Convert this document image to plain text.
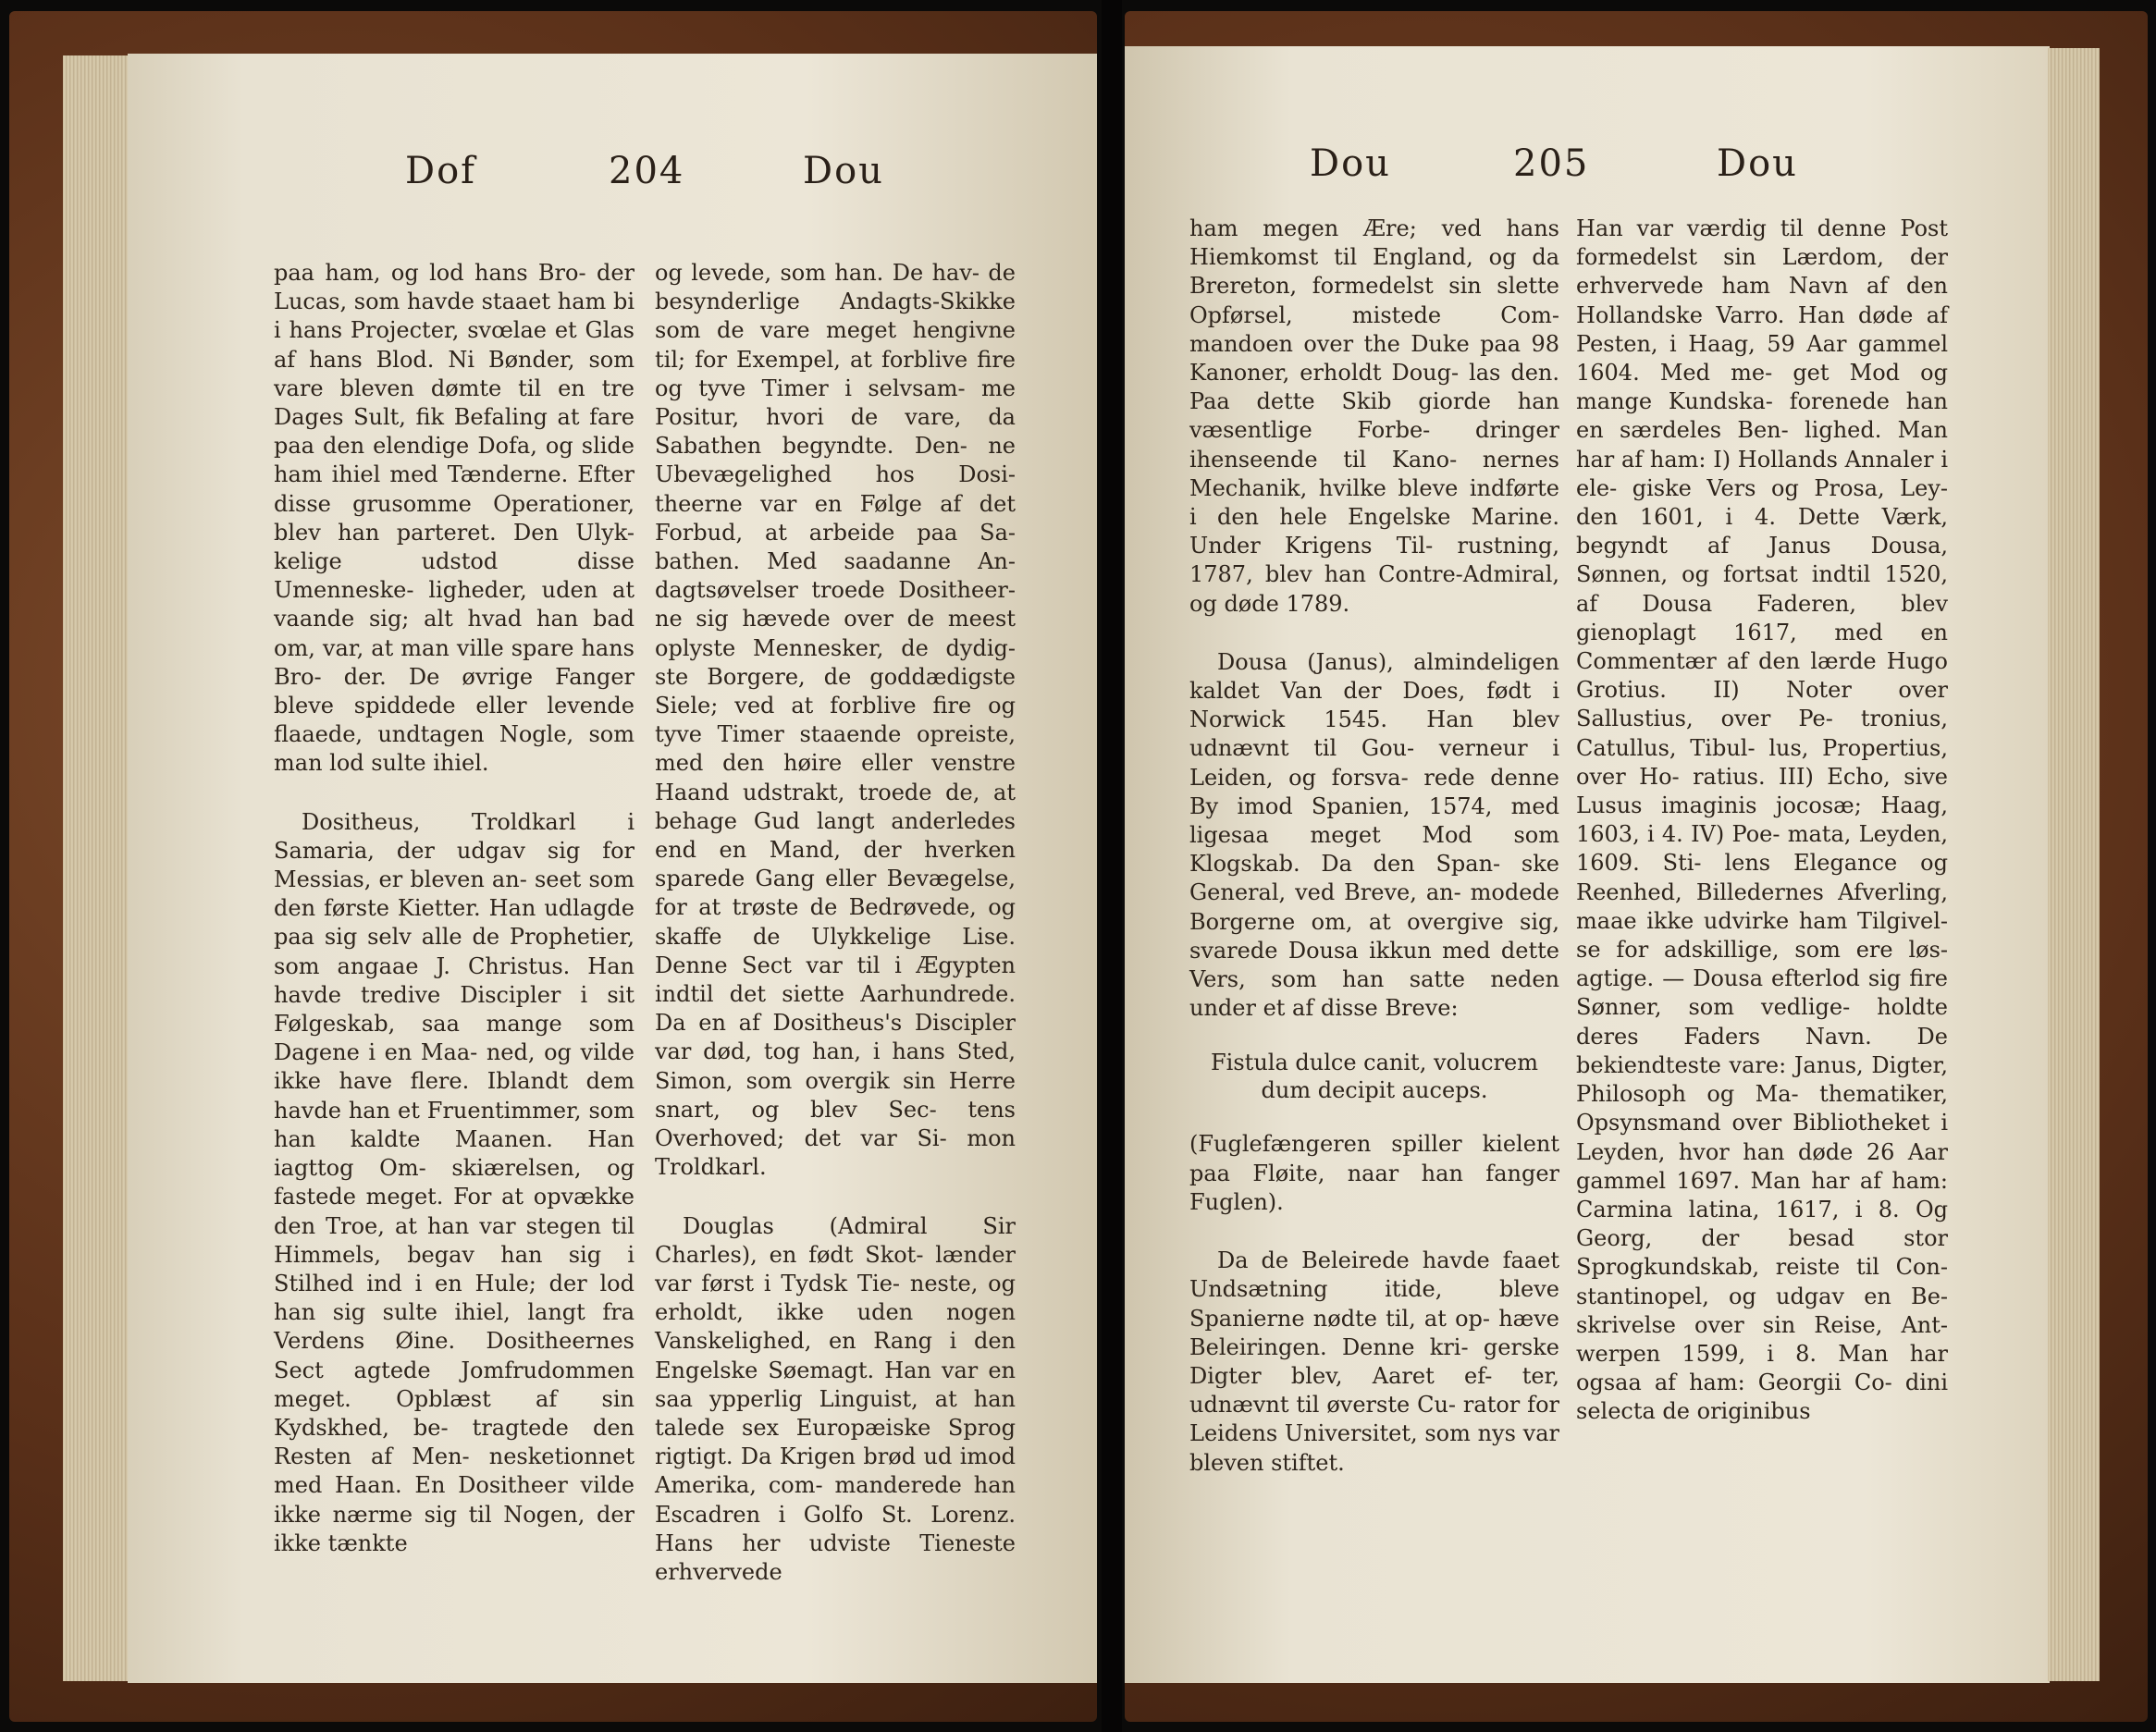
Dof	204	Dou

paa ham, og lod hans Bro- der Lucas, som havde staaet ham bi i hans Projecter, svœlae et Glas af hans Blod. Ni Bønder, som vare bleven dømte til en tre Dages Sult, fik Befaling at fare paa den elendige Dofa, og slide ham ihiel med Tænderne. Efter disse grusomme Operationer, blev han parteret. Den Ulyk- kelige udstod disse Umenneske- ligheder, uden at vaande sig; alt hvad han bad om, var, at man ville spare hans Bro- der. De øvrige Fanger bleve spiddede eller levende flaaede, undtagen Nogle, som man lod sulte ihiel.

Dositheus, Troldkarl i Samaria, der udgav sig for Messias, er bleven an- seet som den første Kietter. Han udlagde paa sig selv alle de Prophetier, som angaae J. Christus. Han havde tredive Discipler i sit Følgeskab, saa mange som Dagene i en Maa- ned, og vilde ikke have flere. Iblandt dem havde han et Fruentimmer, som han kaldte Maanen. Han iagttog Om- skiærelsen, og fastede meget. For at opvække den Troe, at han var stegen til Himmels, begav han sig i Stilhed ind i en Hule; der lod han sig sulte ihiel, langt fra Verdens Øine. Dositheernes Sect agtede Jomfrudommen meget. Opblæst af sin Kydskhed, be- tragtede den Resten af Men- nesketionnet med Haan. En Dositheer vilde ikke nærme sig til Nogen, der ikke tænkte

og levede, som han. De hav- de besynderlige Andagts-Skikke som de vare meget hengivne til; for Exempel, at forblive fire og tyve Timer i selvsam- me Positur, hvori de vare, da Sabathen begyndte. Den- ne Ubevægelighed hos Dosi- theerne var en Følge af det Forbud, at arbeide paa Sa- bathen. Med saadanne An- dagtsøvelser troede Dositheer- ne sig hævede over de meest oplyste Mennesker, de dydig- ste Borgere, de goddædigste Siele; ved at forblive fire og tyve Timer staaende opreiste, med den høire eller venstre Haand udstrakt, troede de, at behage Gud langt anderledes end en Mand, der hverken sparede Gang eller Bevægelse, for at trøste de Bedrøvede, og skaffe de Ulykkelige Lise. Denne Sect var til i Ægypten indtil det siette Aarhundrede. Da en af Dositheus's Discipler var død, tog han, i hans Sted, Simon, som overgik sin Herre snart, og blev Sec- tens Overhoved; det var Si- mon Troldkarl.

Douglas (Admiral Sir Charles), en født Skot- lænder var først i Tydsk Tie- neste, og erholdt, ikke uden nogen Vanskelighed, en Rang i den Engelske Søemagt. Han var en saa ypperlig Linguist, at han talede sex Europæiske Sprog rigtigt. Da Krigen brød ud imod Amerika, com- manderede han Escadren i Golfo St. Lorenz. Hans her udviste Tieneste erhvervede

Dou	205	Dou

ham megen Ære; ved hans Hiemkomst til England, og da Brereton, formedelst sin slette Opførsel, mistede Com- mandoen over the Duke paa 98 Kanoner, erholdt Doug- las den. Paa dette Skib giorde han væsentlige Forbe- dringer ihenseende til Kano- nernes Mechanik, hvilke bleve indførte i den hele Engelske Marine. Under Krigens Til- rustning, 1787, blev han Contre-Admiral, og døde 1789.

Dousa (Janus), almindeligen kaldet Van der Does, født i Norwick 1545. Han blev udnævnt til Gou- verneur i Leiden, og forsva- rede denne By imod Spanien, 1574, med ligesaa meget Mod som Klogskab. Da den Span- ske General, ved Breve, an- modede Borgerne om, at overgive sig, svarede Dousa ikkun med dette Vers, som han satte neden under et af disse Breve:

Fistula dulce canit, volucrem dum decipit auceps.

(Fuglefængeren spiller kielent paa Fløite, naar han fanger Fuglen).

Da de Beleirede havde faaet Undsætning itide, bleve Spanierne nødte til, at op- hæve Beleiringen. Denne kri- gerske Digter blev, Aaret ef- ter, udnævnt til øverste Cu- rator for Leidens Universitet, som nys var bleven stiftet.

Han var værdig til denne Post formedelst sin Lærdom, der erhvervede ham Navn af den Hollandske Varro. Han døde af Pesten, i Haag, 59 Aar gammel 1604. Med me- get Mod og mange Kundska- forenede han en særdeles Ben- lighed. Man har af ham: I) Hollands Annaler i ele- giske Vers og Prosa, Ley- den 1601, i 4. Dette Værk, begyndt af Janus Dousa, Sønnen, og fortsat indtil 1520, af Dousa Faderen, blev gienoplagt 1617, med en Commentær af den lærde Hugo Grotius. II) Noter over Sallustius, over Pe- tronius, Catullus, Tibul- lus, Propertius, over Ho- ratius. III) Echo, sive Lusus imaginis jocosæ; Haag, 1603, i 4. IV) Poe- mata, Leyden, 1609. Sti- lens Elegance og Reenhed, Billedernes Afverling, maae ikke udvirke ham Tilgivel- se for adskillige, som ere løs- agtige. — Dousa efterlod sig fire Sønner, som vedlige- holdte deres Faders Navn. De bekiendteste vare: Janus, Digter, Philosoph og Ma- thematiker, Opsynsmand over Bibliotheket i Leyden, hvor han døde 26 Aar gammel 1697. Man har af ham: Carmina latina, 1617, i 8. Og Georg, der besad stor Sprogkundskab, reiste til Con- stantinopel, og udgav en Be- skrivelse over sin Reise, Ant- werpen 1599, i 8. Man har ogsaa af ham: Georgii Co- dini selecta de originibus
